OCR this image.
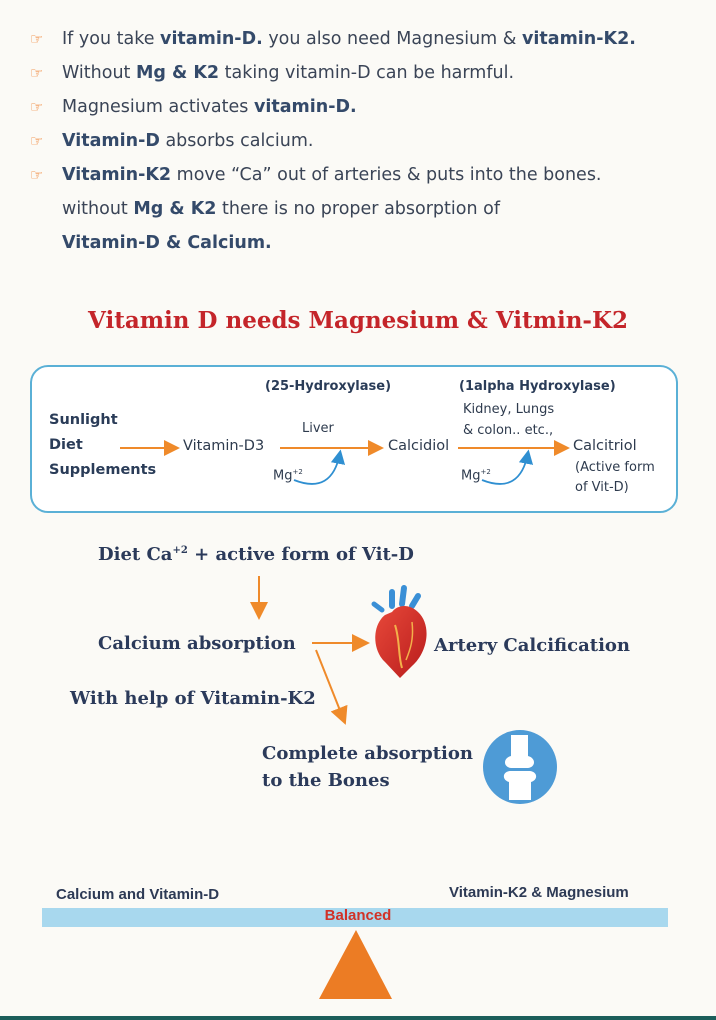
☞ If you take vitamin-D. you also need Magnesium & vitamin-K2.
☞ Without Mg & K2 taking vitamin-D can be harmful.
☞ Magnesium activates vitamin-D.
☞ Vitamin-D absorbs calcium.
☞ Vitamin-K2 move “Ca” out of arteries & puts into the bones.
without Mg & K2 there is no proper absorption of
Vitamin-D & Calcium.
Vitamin D needs Magnesium & Vitmin-K2
Sunlight
Diet
Supplements
(25-Hydroxylase)	(1alpha Hydroxylase)
Vitamin-D3
Liver
Calcidiol
Kidney, Lungs
& colon.. etc.,
Calcitriol
(Active form
of Vit-D)
$Mg^{+2}$	$Mg^{+2}$
Diet $Ca^{+2}$ + active form of Vit-D
Calcium absorption	Artery Calcification
With help of Vitamin-K2
Complete absorption
to the Bones
Calcium and Vitamin-D	Vitamin-K2 & Magnesium
Balanced
